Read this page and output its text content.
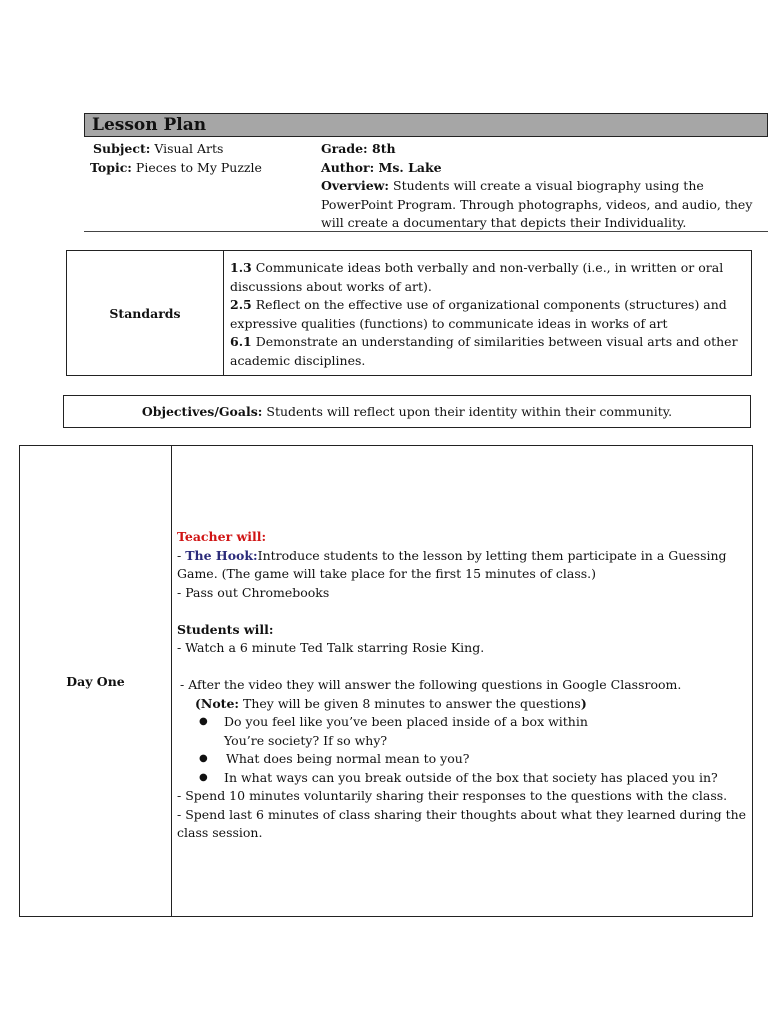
Lesson Plan
Subject: Visual Arts
Topic: Pieces to My Puzzle
Grade: 8th
Author: Ms. Lake
Overview: Students will create a visual biography using the
PowerPoint Program. Through photographs, videos, and audio, they
will create a documentary that depicts their Individuality.
Standards
1.3 Communicate ideas both verbally and non-verbally (i.e., in written or oral
discussions about works of art).
2.5 Reflect on the effective use of organizational components (structures) and
expressive qualities (functions) to communicate ideas in works of art
6.1 Demonstrate an understanding of similarities between visual arts and other
academic disciplines.
Objectives/Goals: Students will reflect upon their identity within their community.
Day One
Teacher will:
- The Hook:Introduce students to the lesson by letting them participate in a Guessing Game. (The game will take place for the first 15 minutes of class.)
- Pass out Chromebooks
Students will:
- Watch a 6 minute Ted Talk starring Rosie King.
- After the video they will answer the following questions in Google Classroom.
(Note: They will be given 8 minutes to answer the questions)
● Do you feel like you’ve been placed inside of a box within
You’re society? If so why?
● What does being normal mean to you?
● In what ways can you break outside of the box that society has placed you in?
- Spend 10 minutes voluntarily sharing their responses to the questions with the class.
- Spend last 6 minutes of class sharing their thoughts about what they learned during the class session.
